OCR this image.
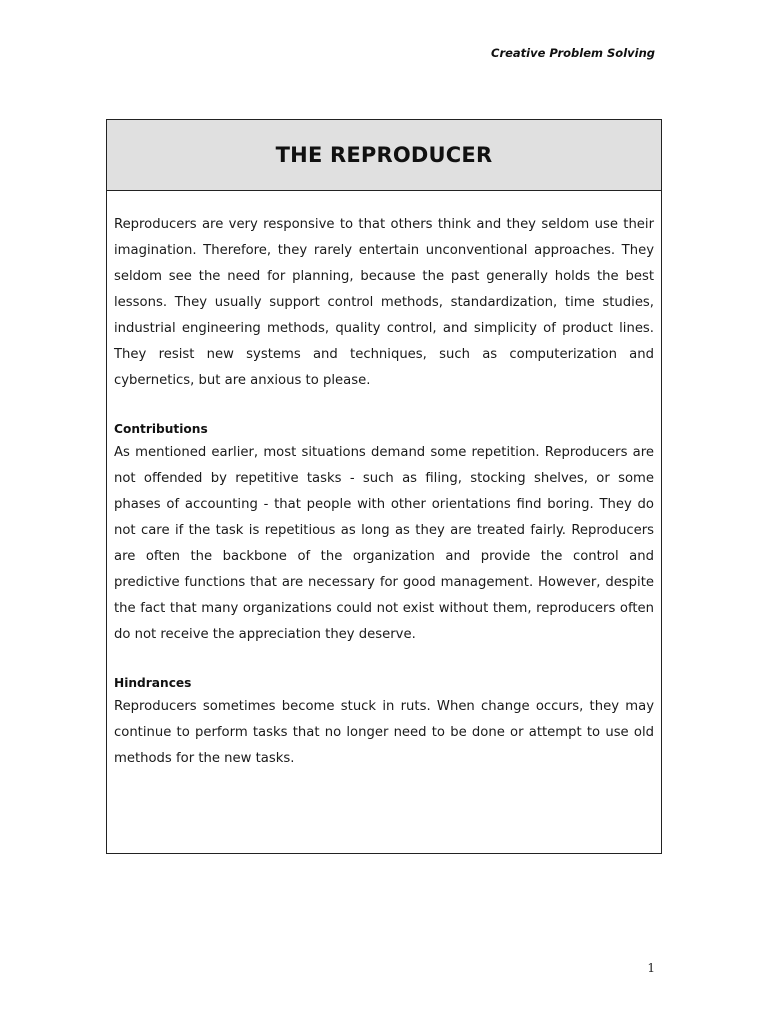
Creative Problem Solving
THE REPRODUCER

Reproducers are very responsive to that others think and they seldom use their imagination. Therefore, they rarely entertain unconventional approaches. They seldom see the need for planning, because the past generally holds the best lessons. They usually support control methods, standardization, time studies, industrial engineering methods, quality control, and simplicity of product lines. They resist new systems and techniques, such as computerization and cybernetics, but are anxious to please.

Contributions

As mentioned earlier, most situations demand some repetition. Reproducers are not offended by repetitive tasks - such as filing, stocking shelves, or some phases of accounting - that people with other orientations find boring. They do not care if the task is repetitious as long as they are treated fairly. Reproducers are often the backbone of the organization and provide the control and predictive functions that are necessary for good management. However, despite the fact that many organizations could not exist without them, reproducers often do not receive the appreciation they deserve.

Hindrances

Reproducers sometimes become stuck in ruts. When change occurs, they may continue to perform tasks that no longer need to be done or attempt to use old methods for the new tasks.

1
